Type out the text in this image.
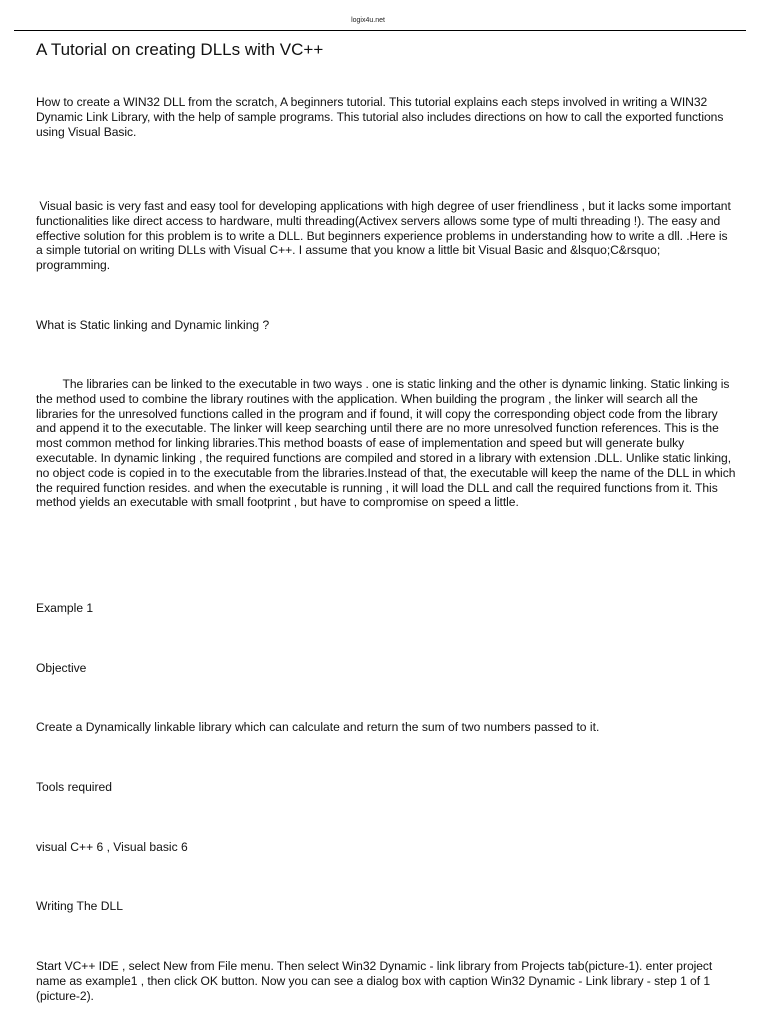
logix4u.net
A Tutorial on creating DLLs with VC++

How to create a WIN32 DLL from the scratch, A beginners tutorial. This tutorial explains each steps involved in writing a WIN32 Dynamic Link Library, with the help of sample programs. This tutorial also includes directions on how to call the exported functions using Visual Basic.

Visual basic is very fast and easy tool for developing applications with high degree of user friendliness , but it lacks some important functionalities like direct access to hardware, multi threading(Activex servers allows some type of multi threading !). The easy and effective solution for this problem is to write a DLL. But beginners experience problems in understanding how to write a dll. .Here is a simple tutorial on writing DLLs with Visual C++. I assume that you know a little bit Visual Basic and &lsquo;C&rsquo; programming.

What is Static linking and Dynamic linking ?

The libraries can be linked to the executable in two ways . one is static linking and the other is dynamic linking. Static linking is the method used to combine the library routines with the application. When building the program , the linker will search all the libraries for the unresolved functions called in the program and if found, it will copy the corresponding object code from the library and append it to the executable. The linker will keep searching until there are no more unresolved function references. This is the most common method for linking libraries.This method boasts of ease of implementation and speed but will generate bulky executable. In dynamic linking , the required functions are compiled and stored in a library with extension .DLL. Unlike static linking, no object code is copied in to the executable from the libraries.Instead of that, the executable will keep the name of the DLL in which the required function resides. and when the executable is running , it will load the DLL and call the required functions from it. This method yields an executable with small footprint , but have to compromise on speed a little.

Example 1

Objective

Create a Dynamically linkable library which can calculate and return the sum of two numbers passed to it.

Tools required

visual C++ 6 , Visual basic 6

Writing The DLL

Start VC++ IDE , select New from File menu. Then select Win32 Dynamic - link library from Projects tab(picture-1). enter project name as example1 , then click OK button. Now you can see a dialog box with caption Win32 Dynamic - Link library - step 1 of 1 (picture-2).
